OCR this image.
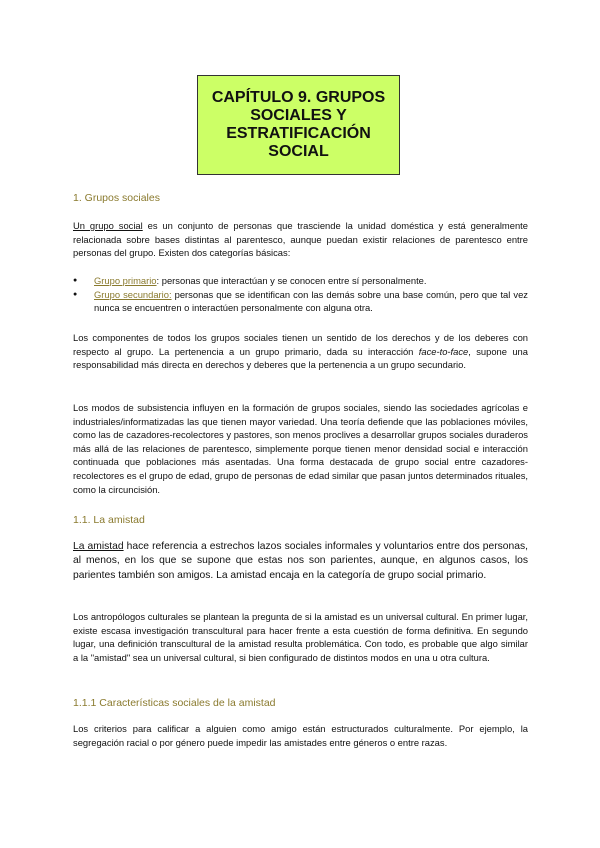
CAPÍTULO 9. GRUPOS SOCIALES Y ESTRATIFICACIÓN SOCIAL
1. Grupos sociales

Un grupo social es un conjunto de personas que trasciende la unidad doméstica y está generalmente relacionada sobre bases distintas al parentesco, aunque puedan existir relaciones de parentesco entre personas del grupo. Existen dos categorías básicas:

● Grupo primario: personas que interactúan y se conocen entre sí personalmente.
● Grupo secundario: personas que se identifican con las demás sobre una base común, pero que tal vez nunca se encuentren o interactúen personalmente con alguna otra.

Los componentes de todos los grupos sociales tienen un sentido de los derechos y de los deberes con respecto al grupo. La pertenencia a un grupo primario, dada su interacción face-to-face, supone una responsabilidad más directa en derechos y deberes que la pertenencia a un grupo secundario.

Los modos de subsistencia influyen en la formación de grupos sociales, siendo las sociedades agrícolas e industriales/informatizadas las que tienen mayor variedad. Una teoría defiende que las poblaciones móviles, como las de cazadores-recolectores y pastores, son menos proclives a desarrollar grupos sociales duraderos más allá de las relaciones de parentesco, simplemente porque tienen menor densidad social e interacción continuada que poblaciones más asentadas. Una forma destacada de grupo social entre cazadores-recolectores es el grupo de edad, grupo de personas de edad similar que pasan juntos determinados rituales, como la circuncisión.

1.1. La amistad

La amistad hace referencia a estrechos lazos sociales informales y voluntarios entre dos personas, al menos, en los que se supone que estas nos son parientes, aunque, en algunos casos, los parientes también son amigos. La amistad encaja en la categoría de grupo social primario.

Los antropólogos culturales se plantean la pregunta de si la amistad es un universal cultural. En primer lugar, existe escasa investigación transcultural para hacer frente a esta cuestión de forma definitiva. En segundo lugar, una definición transcultural de la amistad resulta problemática. Con todo, es probable que algo similar a la "amistad" sea un universal cultural, si bien configurado de distintos modos en una u otra cultura.

1.1.1 Características sociales de la amistad

Los criterios para calificar a alguien como amigo están estructurados culturalmente. Por ejemplo, la segregación racial o por género puede impedir las amistades entre géneros o entre razas.
